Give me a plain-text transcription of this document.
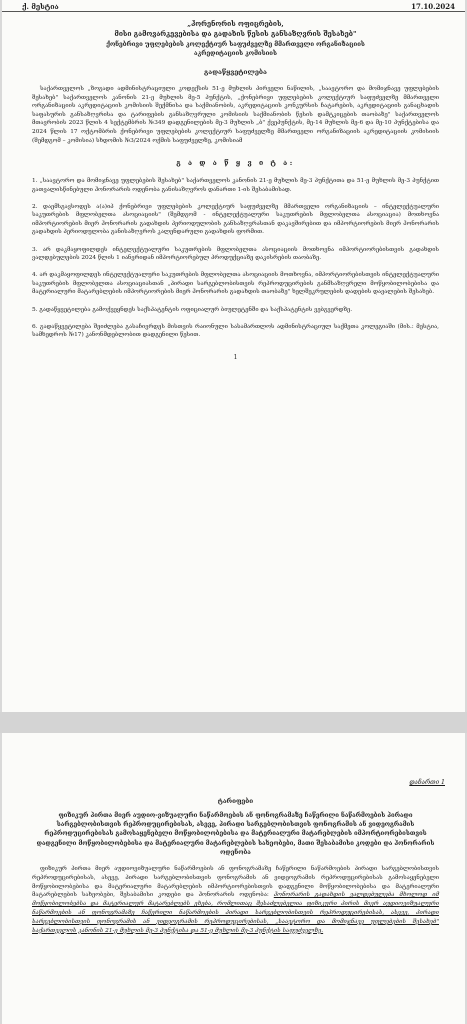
ქ. მესტია	17.10.2024
„ჰორენორის ოფიცრების,
მისი გამოვარკევებისა და გადახის წესის განსაზღვრის შესახებ"
ქონებრივი უფლებების კოლექტიურ საფუძველზე მმართველი ორგანიზაციის
აკრედიტაციის კომისიის
გადაწყვეტილება

საქართველოს „ზოგადი ადმინისტრაციული კოდექსის 51-ე მუხლის პირველი ნაწილის, „საავტორო და მომიჯნავე უფლებების შესახებ" საქართველოს კანონის 21-ე მუხლის მე-5 პუნქტის, „ქონებრივი უფლებების კოლექტიურ საფუძველზე მმართველი ორგანიზაციის აკრედიტაციის კომისიის შექმნისა და საქმიანობის, აკრედიტაციის კონკურსის ჩატარების, აკრედიტაციის განაცხადის საფასურის განსაზღვრისა და ტარიფების განსაზღვრული კომისიის საქმიანობის წესის დამტკიცების თაობაზე" საქართველოს მთავრობის 2023 წლის 4 სექტემბრის №349 დადგენილების მე-3 მუხლის „ბ" ქვეპუნქტის, მე-14 მუხლის მე-6 და მე-10 პუნქტებისა და 2024 წლის 17 ოქტომბრის ქონებრივი უფლებების კოლექტიურ საფუძველზე მმართველი ორგანიზაციის აკრედიტაციის კომისიის (შემდგომ – კომისია) სხდომის №3/2024 ოქმის საფუძველზე, კომისიამ

გ ა დ ა წ ყ ვ ი ტ ა:
1. „საავტორო და მომიჯნავე უფლებების შესახებ" საქართველოს კანონის 21-ე მუხლის მე-3 პუნქტითა და 51-ე მუხლის მე-3 პუნქტით გათვალისწინებული ჰონორარის ოდენობა განისაზღვროს დანართი 1-ის შესაბამისად.
2. დაემსგავსოდეს ა(ა)იპ ქონებრივი უფლებების კოლექტიურ საფუძველზე მმართველი ორგანიზაციის – ინტელექტუალური საკუთრების მფლობელთა ასოციაციის" (შემდგომ - ინტელექტუალური საკუთრების მფლობელთა ასოციაცია) მოთხოვნა იმპორტიორების მიერ ჰონორარის გადახდის პერიოდულობის განსაზღვრასთან დაკავშირებით და იმპორტიორების მიერ ჰონორარის გადახდის პერიოდულობა განისაზღვროს კალენდარული გადახდის ფორმით.
3. არ დაკმაყოფილდეს ინტელექტუალური საკუთრების მფლობელთა ასოციაციის მოთხოვნა იმპორტიორებისთვის გადახდის ვალდებულების 2024 წლის 1 იანვრიდან იმპორტიორებულ პროდუქციაზე დაკისრების თაობაზე.
4. არ დაკმაყოფილდეს ინტელექტუალური საკუთრების მფლობელთა ასოციაციის მოთხოვნა, იმპორტიორებისთვის ინტელექტუალური საკუთრების მფლობელთა ასოციაციასთან „პირადი სარგებლობისთვის რეპროდუცირების განმსაზღვრელი მოწყობილობებისა და მატერიალური მატარებლების იმპორტიორების მიერ ჰონორარის გადახდის თაობაზე" ხელშეკრულების დადების დავალების შესახებ.
5. გადაწყვეტილება გამოქვეყნდეს საქსპატენტის ოფიციალურ ბიულეტენში და საქსპატენტის ვებგვერდზე.
6. გადაწყვეტილება შეიძლება გასაჩივრდეს მისთვის რაიონული სასამართლოს ადმინისტრაციულ საქმეთა კოლეგიაში (მის.: მესტია, სამხედროს №17) კანონმდებლობით დადგენილი წესით.
1
დანართი 1
ტარიფები
ფიზიკურ პირთა მიერ აუდიო-ვიზუალური ნაწარმოების ან ფონოგრამაზე ჩაწერილი ნაწარმოების პირადი სარგებლობისთვის რეპროდუცირებისას, ასევე, პირადი სარგებლობისთვის ფონოგრამის ან ვიდეოგრამის რეპროდუცირებისას გამოსაყენებელი მოწყობილობებისა და მატერიალური მატარებლების იმპორტიორებისთვის დადგენილი მოწყობილობებისა და მატერიალური მატარებლების სახეობები, მათი შესაბამისი კოდები და ჰონორარის ოდენობა

ფიზიკურ პირთა მიერ აუდიოვიზუალური ნაწარმოების ან ფონოგრამაზე ჩაწერილი ნაწარმოების პირადი სარგებლობისთვის რეპროდუცირებისას, ასევე, პირადი სარგებლობისთვის ფონოგრამის ან ვიდეოგრამის რეპროდუცირებისას გამოსაყენებელი მოწყობილობებისა და მატერიალური მატარებლების იმპორტიორებისთვის დადგენილი მოწყობილობებისა და მატერიალური მატარებლების სახეობები, შესაბამისი კოდები და ჰონორარის ოდენობა: ჰონორარის გადახდის ვალდებულება მხოლოდ იმ მოწყობილობებსა და მატერიალურ მატარებლებს ეხება, რომლითაც შესაძლებელია ფიზიკური პირის მიერ აუდიოვიზუალური ნაწარმოების ან ფონოგრამაზე ჩაწერილი ნაწარმოების პირადი სარგებლობისთვის რეპროდუცირებისას, ასევე, პირადი სარგებლობისთვის ფონოგრამის ან ვიდეოგრამის რეპროდუცირებისას, „საავტორო და მომიჯნავე უფლებების შესახებ" საქართველოს კანონის 21-ე მუხლის მე-3 პუნქტისა და 51-ე მუხლის მე-3 პუნქტის საფუძველზე.
